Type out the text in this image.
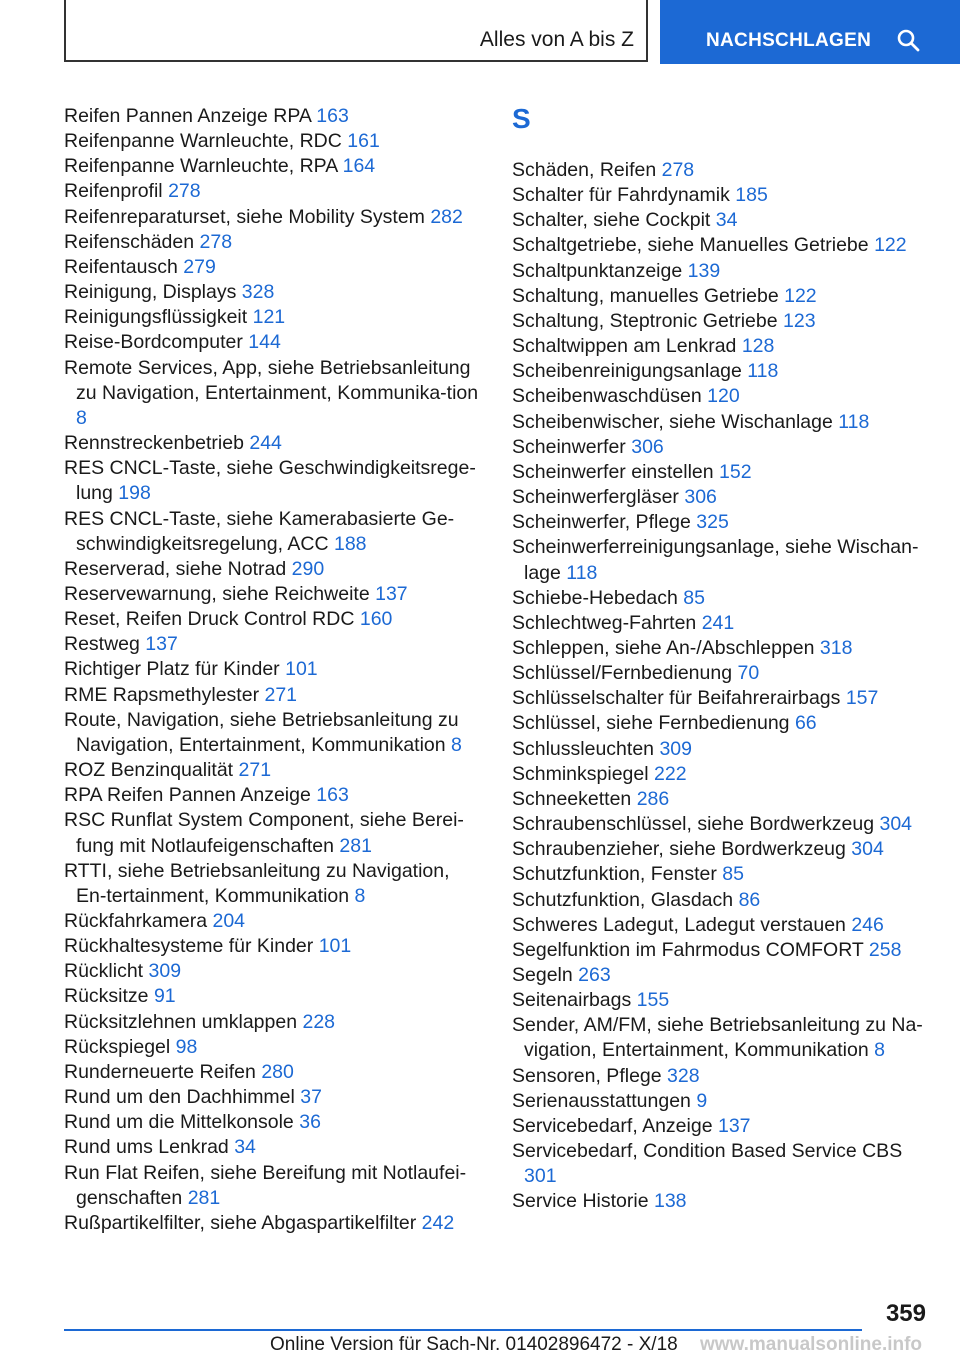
Alles von A bis Z	NACHSCHLAGEN
Reifen Pannen Anzeige RPA 163
Reifenpanne Warnleuchte, RDC 161
Reifenpanne Warnleuchte, RPA 164
Reifenprofil 278
Reifenreparaturset, siehe Mobility System 282
Reifenschäden 278
Reifentausch 279
Reinigung, Displays 328
Reinigungsflüssigkeit 121
Reise-Bordcomputer 144
Remote Services, App, siehe Betriebsanleitung zu Navigation, Entertainment, Kommunika-tion 8
Rennstreckenbetrieb 244
RES CNCL-Taste, siehe Geschwindigkeitsrege-lung 198
RES CNCL-Taste, siehe Kamerabasierte Ge-schwindigkeitsregelung, ACC 188
Reserverad, siehe Notrad 290
Reservewarnung, siehe Reichweite 137
Reset, Reifen Druck Control RDC 160
Restweg 137
Richtiger Platz für Kinder 101
RME Rapsmethylester 271
Route, Navigation, siehe Betriebsanleitung zu Navigation, Entertainment, Kommunikation 8
ROZ Benzinqualität 271
RPA Reifen Pannen Anzeige 163
RSC Runflat System Component, siehe Berei-fung mit Notlaufeigenschaften 281
RTTI, siehe Betriebsanleitung zu Navigation, En-tertainment, Kommunikation 8
Rückfahrkamera 204
Rückhaltesysteme für Kinder 101
Rücklicht 309
Rücksitze 91
Rücksitzlehnen umklappen 228
Rückspiegel 98
Runderneuerte Reifen 280
Rund um den Dachhimmel 37
Rund um die Mittelkonsole 36
Rund ums Lenkrad 34
Run Flat Reifen, siehe Bereifung mit Notlaufei-genschaften 281
Rußpartikelfilter, siehe Abgaspartikelfilter 242
S
Schäden, Reifen 278
Schalter für Fahrdynamik 185
Schalter, siehe Cockpit 34
Schaltgetriebe, siehe Manuelles Getriebe 122
Schaltpunktanzeige 139
Schaltung, manuelles Getriebe 122
Schaltung, Steptronic Getriebe 123
Schaltwippen am Lenkrad 128
Scheibenreinigungsanlage 118
Scheibenwaschdüsen 120
Scheibenwischer, siehe Wischanlage 118
Scheinwerfer 306
Scheinwerfer einstellen 152
Scheinwerfergläser 306
Scheinwerfer, Pflege 325
Scheinwerferreinigungsanlage, siehe Wischan-lage 118
Schiebe-Hebedach 85
Schlechtweg-Fahrten 241
Schleppen, siehe An-/Abschleppen 318
Schlüssel/Fernbedienung 70
Schlüsselschalter für Beifahrerairbags 157
Schlüssel, siehe Fernbedienung 66
Schlussleuchten 309
Schminkspiegel 222
Schneeketten 286
Schraubenschlüssel, siehe Bordwerkzeug 304
Schraubenzieher, siehe Bordwerkzeug 304
Schutzfunktion, Fenster 85
Schutzfunktion, Glasdach 86
Schweres Ladegut, Ladegut verstauen 246
Segelfunktion im Fahrmodus COMFORT 258
Segeln 263
Seitenairbags 155
Sender, AM/FM, siehe Betriebsanleitung zu Na-vigation, Entertainment, Kommunikation 8
Sensoren, Pflege 328
Serienausstattungen 9
Servicebedarf, Anzeige 137
Servicebedarf, Condition Based Service CBS 301
Service Historie 138
359
Online Version für Sach-Nr. 01402896472 - X/18 www.manualsonline.info
